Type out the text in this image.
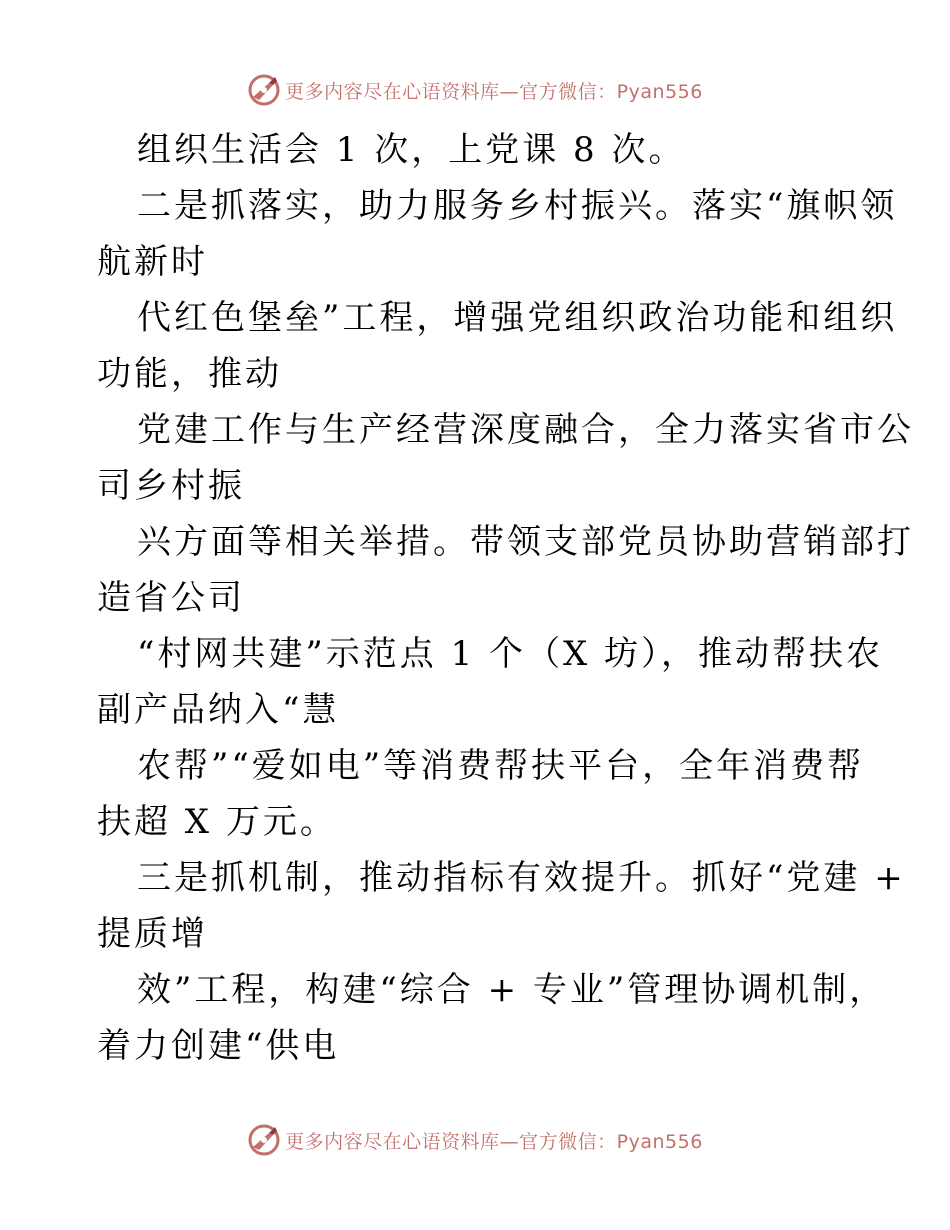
更多内容尽在心语资料库—官方微信：Pyan556
组织生活会 1 次，上党课 8 次。
二是抓落实，助力服务乡村振兴。落实“旗帜领
航新时
代红色堡垒”工程，增强党组织政治功能和组织
功能，推动
党建工作与生产经营深度融合，全力落实省市公
司乡村振
兴方面等相关举措。带领支部党员协助营销部打
造省公司
“村网共建”示范点 1 个（X 坊），推动帮扶农
副产品纳入“慧
农帮”“爱如电”等消费帮扶平台，全年消费帮
扶超 X 万元。
三是抓机制，推动指标有效提升。抓好“党建 +
提质增
效”工程，构建“综合 + 专业”管理协调机制，
着力创建“供电
更多内容尽在心语资料库—官方微信：Pyan556
